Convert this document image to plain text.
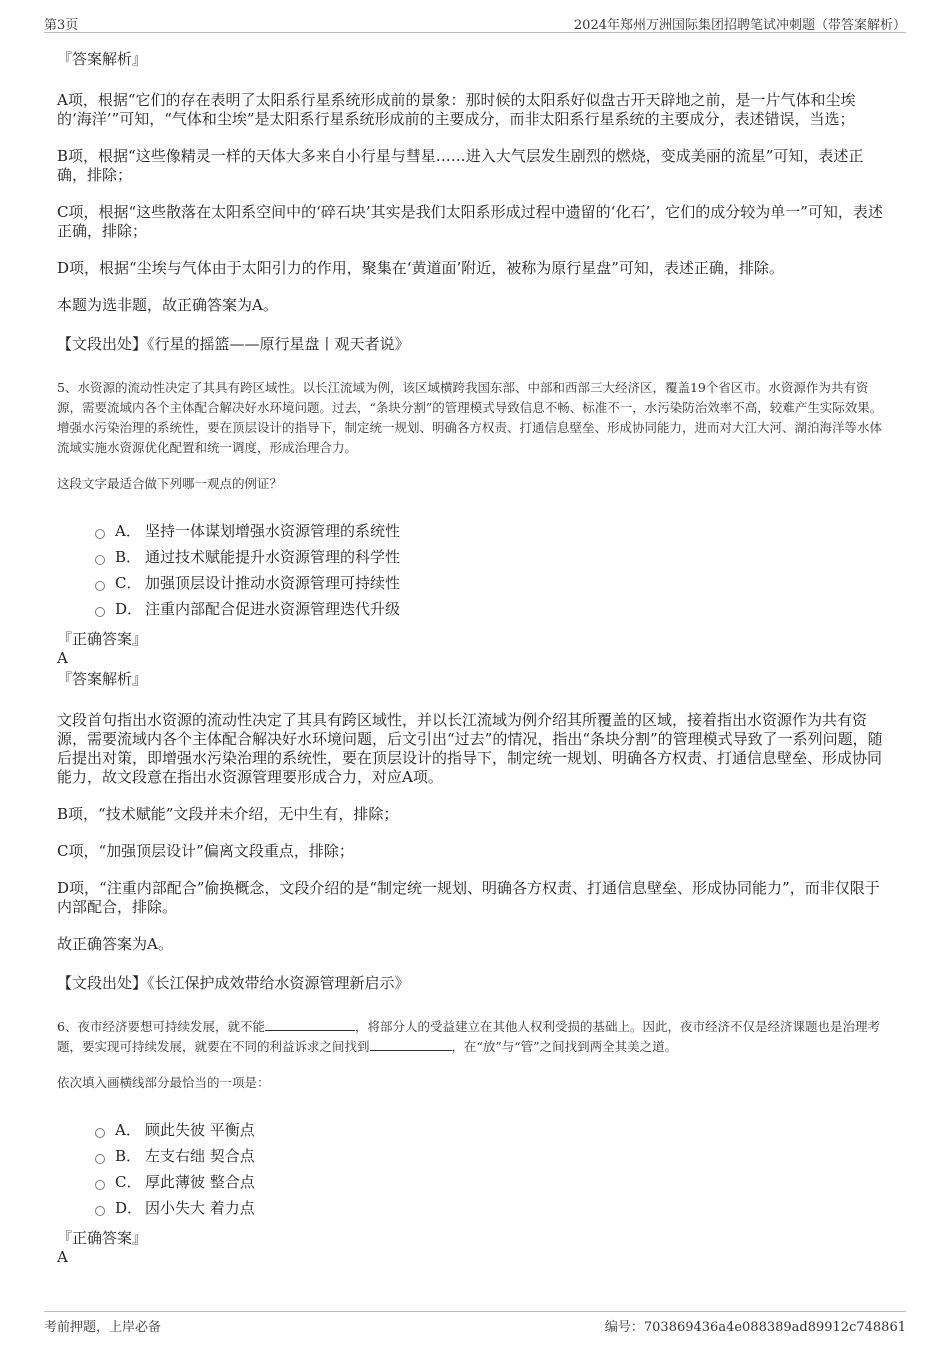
第3页	2024年郑州万洲国际集团招聘笔试冲刺题（带答案解析）

『答案解析』

A项，根据“它们的存在表明了太阳系行星系统形成前的景象：那时候的太阳系好似盘古开天辟地之前，是一片气体和尘埃的‘海洋’”可知，“气体和尘埃”是太阳系行星系统形成前的主要成分，而非太阳系行星系统的主要成分，表述错误，当选；

B项，根据“这些像精灵一样的天体大多来自小行星与彗星……进入大气层发生剧烈的燃烧，变成美丽的流星”可知，表述正确，排除；

C项，根据“这些散落在太阳系空间中的‘碎石块’其实是我们太阳系形成过程中遗留的‘化石’，它们的成分较为单一”可知，表述正确，排除；

D项，根据“尘埃与气体由于太阳引力的作用，聚集在‘黄道面’附近，被称为原行星盘”可知，表述正确，排除。

本题为选非题，故正确答案为A。

【文段出处】《行星的摇篮——原行星盘丨观天者说》

5、水资源的流动性决定了其具有跨区域性。以长江流域为例，该区域横跨我国东部、中部和西部三大经济区，覆盖19个省区市。水资源作为共有资源，需要流域内各个主体配合解决好水环境问题。过去，“条块分割”的管理模式导致信息不畅、标准不一，水污染防治效率不高，较难产生实际效果。增强水污染治理的系统性，要在顶层设计的指导下，制定统一规划、明确各方权责、打通信息壁垒、形成协同能力，进而对大江大河、湖泊海洋等水体流域实施水资源优化配置和统一调度，形成治理合力。

这段文字最适合做下列哪一观点的例证？

A． 坚持一体谋划增强水资源管理的系统性
B． 通过技术赋能提升水资源管理的科学性
C． 加强顶层设计推动水资源管理可持续性
D． 注重内部配合促进水资源管理迭代升级

『正确答案』

A

『答案解析』

文段首句指出水资源的流动性决定了其具有跨区域性，并以长江流域为例介绍其所覆盖的区域，接着指出水资源作为共有资源，需要流域内各个主体配合解决好水环境问题，后文引出“过去”的情况，指出“条块分割”的管理模式导致了一系列问题，随后提出对策，即增强水污染治理的系统性，要在顶层设计的指导下，制定统一规划、明确各方权责、打通信息壁垒、形成协同能力，故文段意在指出水资源管理要形成合力，对应A项。

B项，“技术赋能”文段并未介绍，无中生有，排除；

C项，“加强顶层设计”偏离文段重点，排除；

D项，“注重内部配合”偷换概念，文段介绍的是“制定统一规划、明确各方权责、打通信息壁垒、形成协同能力”，而非仅限于内部配合，排除。

故正确答案为A。

【文段出处】《长江保护成效带给水资源管理新启示》

6、夜市经济要想可持续发展，就不能	，将部分人的受益建立在其他人权利受损的基础上。因此，夜市经济不仅是经济课题也是治理考题，要实现可持续发展，就要在不同的利益诉求之间找到	，在“放”与“管”之间找到两全其美之道。

依次填入画横线部分最恰当的一项是：

A． 顾此失彼 平衡点
B． 左支右绌 契合点
C． 厚此薄彼 整合点
D． 因小失大 着力点

『正确答案』

A

考前押题，上岸必备	编号：703869436a4e088389ad89912c748861
